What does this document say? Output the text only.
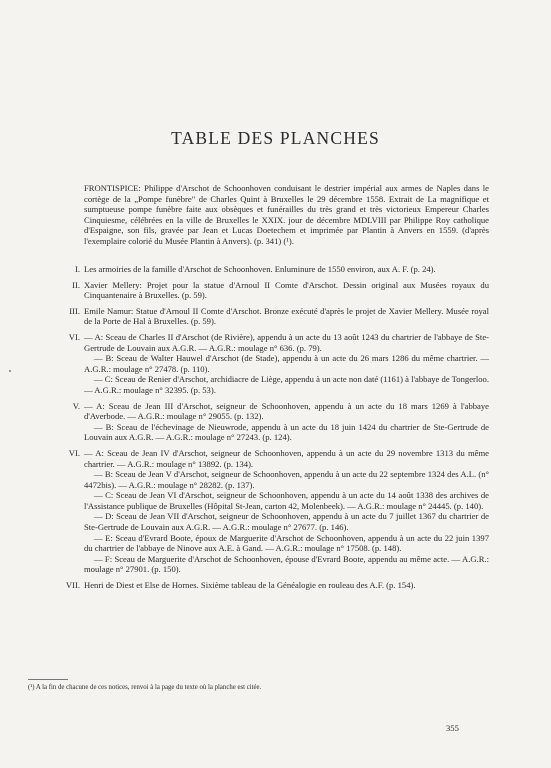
TABLE DES PLANCHES
FRONTISPICE: Philippe d'Arschot de Schoonhoven conduisant le destrier impérial aux armes de Naples dans le cortège de la „Pompe funèbre" de Charles Quint à Bruxelles le 29 décembre 1558. Extrait de La magnifique et sumptueuse pompe funèbre faite aux obsèques et funérailles du très grand et très victorieux Empereur Charles Cinquiesme, célébrées en la ville de Bruxelles le XXIX. jour de décembre MDLVIII par Philippe Roy catholique d'Espaigne, son fils, gravée par Jean et Lucas Doetechem et imprimée par Plantin à Anvers en 1559. (d'après l'exemplaire colorié du Musée Plantin à Anvers). (p. 341) (¹).
I. Les armoiries de la famille d'Arschot de Schoonhoven. Enluminure de 1550 environ, aux A. F. (p. 24).
II. Xavier Mellery: Projet pour la statue d'Arnoul II Comte d'Arschot. Dessin original aux Musées royaux du Cinquantenaire à Bruxelles. (p. 59).
III. Emile Namur: Statue d'Arnoul II Comte d'Arschot. Bronze exécuté d'après le projet de Xavier Mellery. Musée royal de la Porte de Hal à Bruxelles. (p. 59).
VI. — A: Sceau de Charles II d'Arschot (de Rivière), appendu à un acte du 13 août 1243 du chartrier de l'abbaye de Ste-Gertrude de Louvain aux A.G.R. — A.G.R.: moulage n° 636. (p. 79).
— B: Sceau de Walter Hauwel d'Arschot (de Stade), appendu à un acte du 26 mars 1286 du même chartrier. — A.G.R.: moulage n° 27478. (p. 110).
— C: Sceau de Renier d'Arschot, archidiacre de Liège, appendu à un acte non daté (1161) à l'abbaye de Tongerloo. — A.G.R.: moulage n° 32395. (p. 53).
V. — A: Sceau de Jean III d'Arschot, seigneur de Schoonhoven, appendu à un acte du 18 mars 1269 à l'abbaye d'Averbode. — A.G.R.: moulage n° 29055. (p. 132).
— B: Sceau de l'échevinage de Nieuwrode, appendu à un acte du 18 juin 1424 du chartrier de Ste-Gertrude de Louvain aux A.G.R. — A.G.R.: moulage n° 27243. (p. 124).
VI. — A: Sceau de Jean IV d'Arschot, seigneur de Schoonhoven, appendu à un acte du 29 novembre 1313 du même chartrier. — A.G.R.: moulage n° 13892. (p. 134).
— B: Sceau de Jean V d'Arschot, seigneur de Schoonhoven, appendu à un acte du 22 septembre 1324 des A.L. (n° 4472bis). — A.G.R.: moulage n° 28282. (p. 137).
— C: Sceau de Jean VI d'Arschot, seigneur de Schoonhoven, appendu à un acte du 14 août 1338 des archives de l'Assistance publique de Bruxelles (Hôpital St-Jean, carton 42, Molenbeek). — A.G.R.: moulage n° 24445. (p. 140).
— D: Sceau de Jean VII d'Arschot, seigneur de Schoonhoven, appendu à un acte du 7 juillet 1367 du chartrier de Ste-Gertrude de Louvain aux A.G.R. — A.G.R.: moulage n° 27677. (p. 146).
— E: Sceau d'Evrard Boote, époux de Marguerite d'Arschot de Schoonhoven, appendu à un acte du 22 juin 1397 du chartrier de l'abbaye de Ninove aux A.E. à Gand. — A.G.R.: moulage n° 17508. (p. 148).
— F: Sceau de Marguerite d'Arschot de Schoonhoven, épouse d'Evrard Boote, appendu au même acte. — A.G.R.: moulage n° 27901. (p. 150).
VII. Henri de Diest et Else de Hornes. Sixième tableau de la Généalogie en rouleau des A.F. (p. 154).
(¹) A la fin de chacune de ces notices, renvoi à la page du texte où la planche est citée.
355
